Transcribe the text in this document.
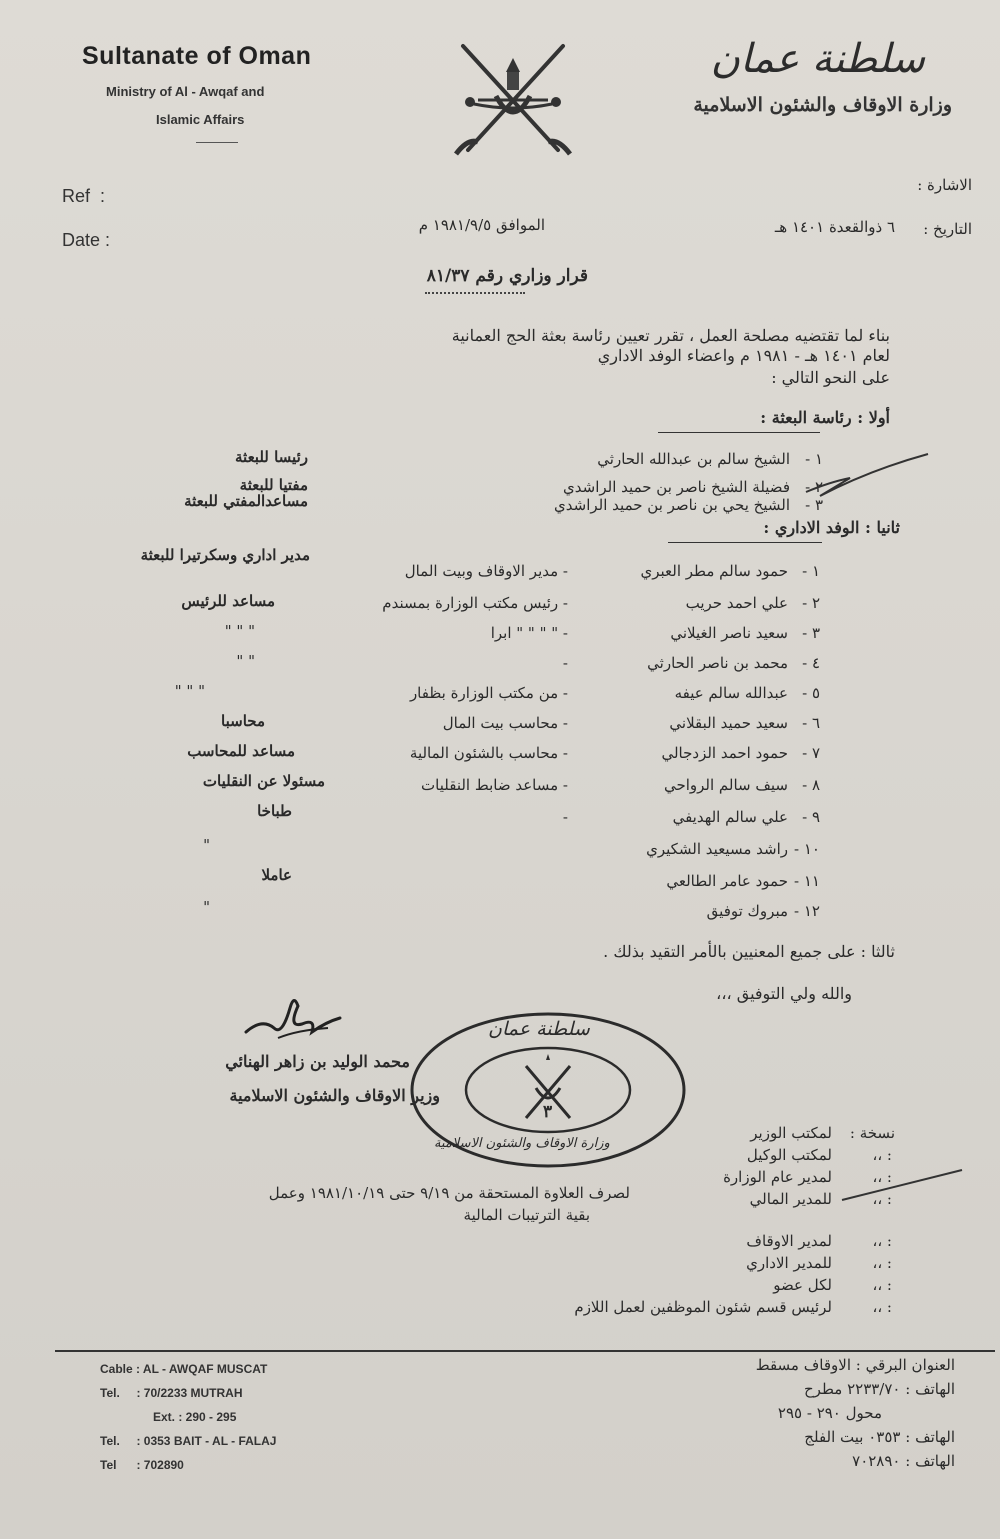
Sultanate of Oman
Ministry of Al - Awqaf and
Islamic Affairs
سلطنة عمان
وزارة الاوقاف والشئون الاسلامية
Ref  :
Date :
الاشارة :
التاريخ :
٦ ذوالقعدة ١٤٠١ هـ
الموافق ١٩٨١/٩/٥ م
قرار وزاري رقم ٨١/٣٧
بناء لما تقتضيه مصلحة العمل ، تقرر تعيين رئاسة بعثة الحج العمانية
لعام ١٤٠١ هـ - ١٩٨١ م واعضاء الوفد الاداري
على النحو التالي :
أولا : رئاسة البعثة :
١ -
الشيخ سالم بن عبدالله الحارثي
رئيسا للبعثة
٢ -
فضيلة الشيخ ناصر بن حميد الراشدي
مفتيا للبعثة
٣ -
الشيخ يحي بن ناصر بن حميد الراشدي
مساعدالمفتي للبعثة
ثانيا : الوفد الاداري :
١ -
حمود سالم مطر العبري
- مدير الاوقاف وبيت المال
مدير اداري وسكرتيرا للبعثة
٢ -
علي احمد حريب
- رئيس مكتب الوزارة بمسندم
مساعد للرئيس
٣ -
سعيد ناصر الغيلاني
- " " " " ابرا
" " "
٤ -
محمد بن ناصر الحارثي
-
" "
٥ -
عبدالله سالم عيفه
- من مكتب الوزارة بظفار
" " "
٦ -
سعيد حميد البقلاني
- محاسب بيت المال
محاسبا
٧ -
حمود احمد الزدجالي
- محاسب بالشئون المالية
مساعد للمحاسب
٨ -
سيف سالم الرواحي
- مساعد ضابط النقليات
مسئولا عن النقليات
٩ -
علي سالم الهديفي
-
طباخا
١٠ -
راشد مسيعيد الشكيري
"
١١ -
حمود عامر الطالعي
عاملا
١٢ -
مبروك توفيق
"
ثالثا : على جميع المعنيين بالأمر التقيد بذلك .
والله ولي التوفيق ،،،
محمد الوليد بن زاهر الهنائي
وزير الاوقاف والشئون الاسلامية
سلطنة عمان
وزارة الاوقاف والشئون الاسلامية
٣
نسخة :
لمكتب الوزير
: ،،
لمكتب الوكيل
: ،،
لمدير عام الوزارة
: ،،
للمدير المالي
لصرف العلاوة المستحقة من ٩/١٩ حتى ١٩٨١/١٠/١٩ وعمل
بقية الترتيبات المالية
: ،،
لمدير الاوقاف
: ،،
للمدير الاداري
: ،،
لكل عضو
: ،،
لرئيس قسم شئون الموظفين لعمل اللازم
Cable : AL - AWQAF MUSCAT
Tel. : 70/2233 MUTRAH
Ext. : 290 - 295
Tel. : 0353 BAIT - AL - FALAJ
Tel : 702890
العنوان البرقي : الاوقاف مسقط
الهاتف : ٢٢٣٣/٧٠ مطرح
محول ٢٩٠ - ٢٩٥
الهاتف : ٠٣٥٣ بيت الفلج
الهاتف : ٧٠٢٨٩٠
